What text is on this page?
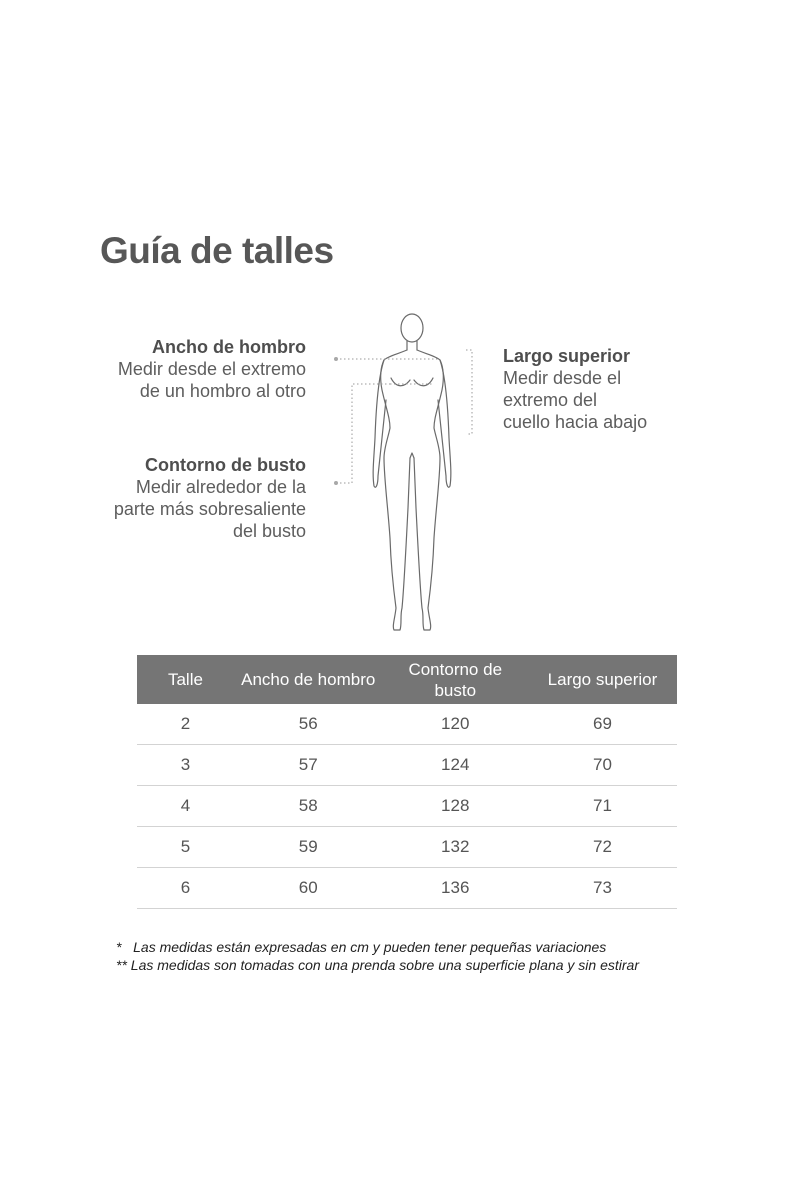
Guía de talles
Ancho de hombro
Medir desde el extremo
de un hombro al otro
Contorno de busto
Medir alrededor de la
parte más sobresaliente
del busto
Largo superior
Medir desde el
extremo del
cuello hacia abajo
Talle	Ancho de hombro	Contorno de busto	Largo superior
2	56	120	69
3	57	124	70
4	58	128	71
5	59	132	72
6	60	136	73
*   Las medidas están expresadas en cm y pueden tener pequeñas variaciones
** Las medidas son tomadas con una prenda sobre una superficie plana y sin estirar
